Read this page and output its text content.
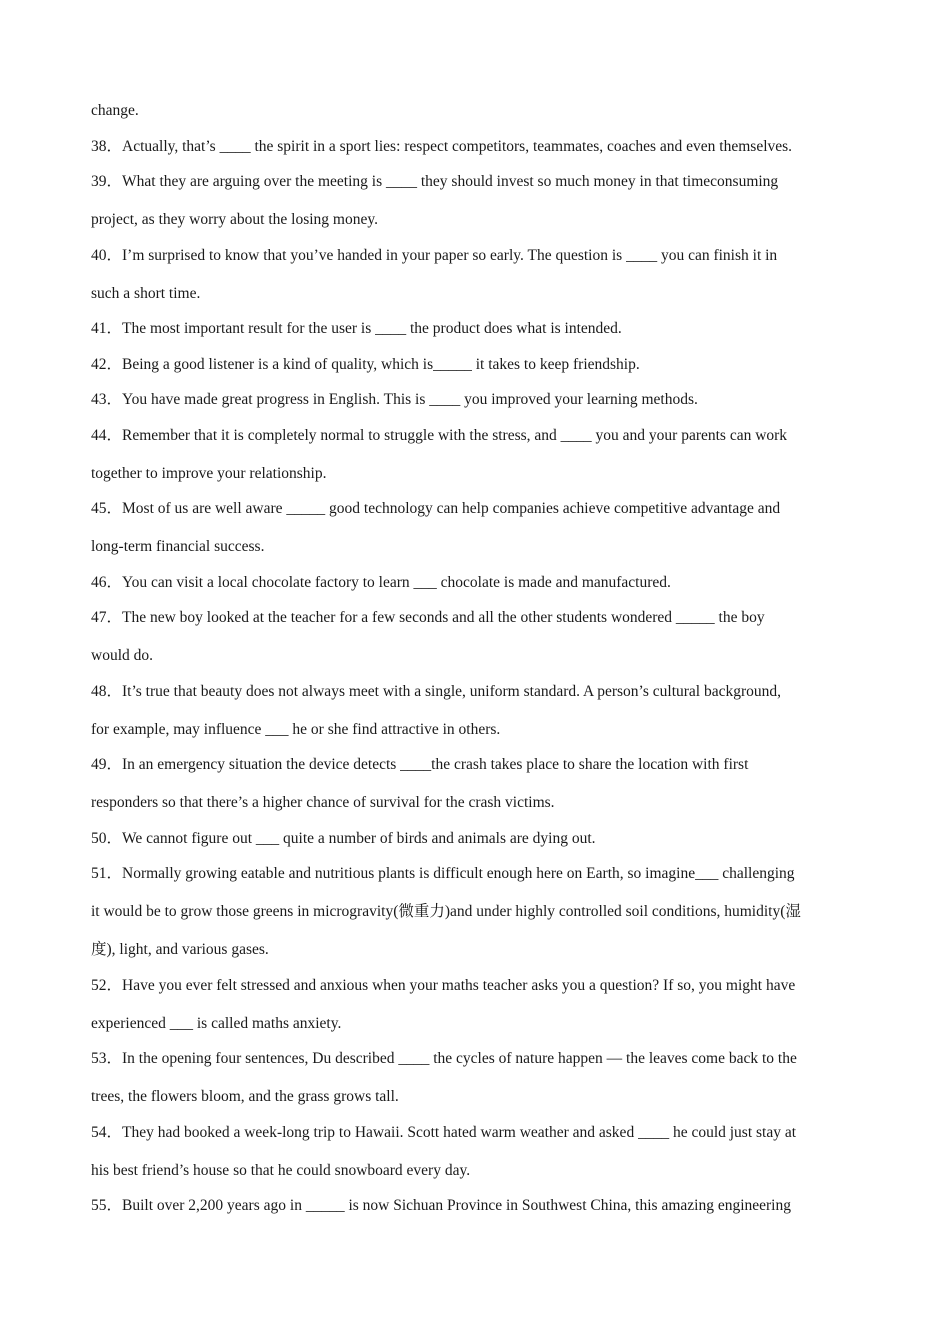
change.
38．Actually, that’s ____ the spirit in a sport lies: respect competitors, teammates, coaches and even themselves.
39．What they are arguing over the meeting is ____ they should invest so much money in that timeconsuming
project, as they worry about the losing money.
40．I’m surprised to know that you’ve handed in your paper so early. The question is ____ you can finish it in
such a short time.
41．The most important result for the user is ____ the product does what is intended.
42．Being a good listener is a kind of quality, which is_____ it takes to keep friendship.
43．You have made great progress in English. This is ____ you improved your learning methods.
44．Remember that it is completely normal to struggle with the stress, and ____ you and your parents can work
together to improve your relationship.
45．Most of us are well aware _____ good technology can help companies achieve competitive advantage and
long-term financial success.
46．You can visit a local chocolate factory to learn ___ chocolate is made and manufactured.
47．The new boy looked at the teacher for a few seconds and all the other students wondered _____ the boy
would do.
48．It’s true that beauty does not always meet with a single, uniform standard. A person’s cultural background,
for example, may influence ___ he or she find attractive in others.
49．In an emergency situation the device detects ____the crash takes place to share the location with first
responders so that there’s a higher chance of survival for the crash victims.
50．We cannot figure out ___ quite a number of birds and animals are dying out.
51．Normally growing eatable and nutritious plants is difficult enough here on Earth, so imagine___ challenging
it would be to grow those greens in microgravity(微重力)and under highly controlled soil conditions, humidity(湿
度), light, and various gases.
52．Have you ever felt stressed and anxious when your maths teacher asks you a question? If so, you might have
experienced ___ is called maths anxiety.
53．In the opening four sentences, Du described ____ the cycles of nature happen — the leaves come back to the
trees, the flowers bloom, and the grass grows tall.
54．They had booked a week-long trip to Hawaii. Scott hated warm weather and asked ____ he could just stay at
his best friend’s house so that he could snowboard every day.
55．Built over 2,200 years ago in _____ is now Sichuan Province in Southwest China, this amazing engineering
